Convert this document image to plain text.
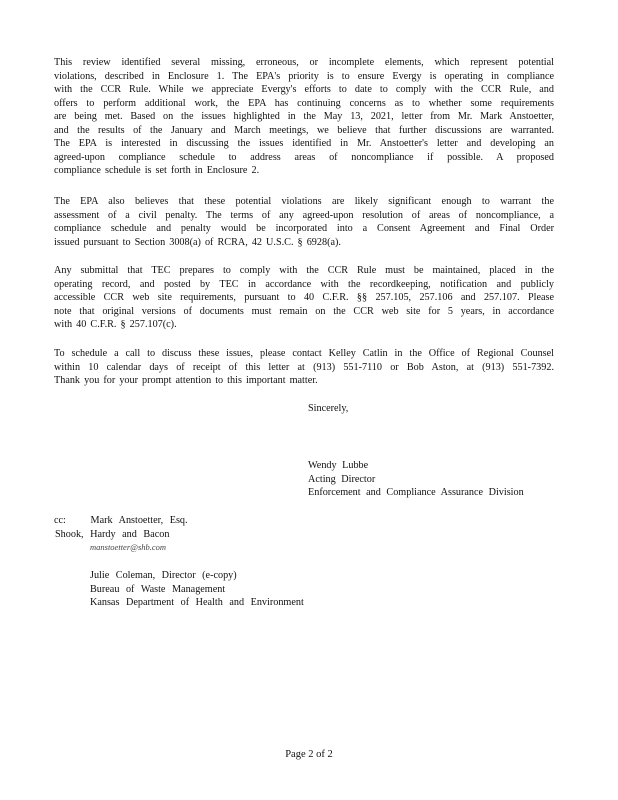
This review identified several missing, erroneous, or incomplete elements, which represent potential
violations, described in Enclosure 1. The EPA's priority is to ensure Evergy is operating in compliance
with the CCR Rule. While we appreciate Evergy's efforts to date to comply with the CCR Rule, and
offers to perform additional work, the EPA has continuing concerns as to whether some requirements
are being met. Based on the issues highlighted in the May 13, 2021, letter from Mr. Mark Anstoetter,
and the results of the January and March meetings, we believe that further discussions are warranted.
The EPA is interested in discussing the issues identified in Mr. Anstoetter's letter and developing an
agreed-upon compliance schedule to address areas of noncompliance if possible. A proposed
compliance schedule is set forth in Enclosure 2.

The EPA also believes that these potential violations are likely significant enough to warrant the
assessment of a civil penalty. The terms of any agreed-upon resolution of areas of noncompliance, a
compliance schedule and penalty would be incorporated into a Consent Agreement and Final Order
issued pursuant to Section 3008(a) of RCRA, 42 U.S.C. § 6928(a).

Any submittal that TEC prepares to comply with the CCR Rule must be maintained, placed in the
operating record, and posted by TEC in accordance with the recordkeeping, notification and publicly
accessible CCR web site requirements, pursuant to 40 C.F.R. §§ 257.105, 257.106 and 257.107. Please
note that original versions of documents must remain on the CCR web site for 5 years, in accordance
with 40 C.F.R. § 257.107(c).

To schedule a call to discuss these issues, please contact Kelley Catlin in the Office of Regional Counsel
within 10 calendar days of receipt of this letter at (913) 551-7110 or Bob Aston, at (913) 551-7392.
Thank you for your prompt attention to this important matter.

Sincerely,

Wendy Lubbe
Acting Director
Enforcement and Compliance Assurance Division

cc: Mark Anstoetter, Esq.
Shook, Hardy and Bacon
manstoetter@shb.com
Julie Coleman, Director (e-copy)
Bureau of Waste Management
Kansas Department of Health and Environment
Page 2 of 2
